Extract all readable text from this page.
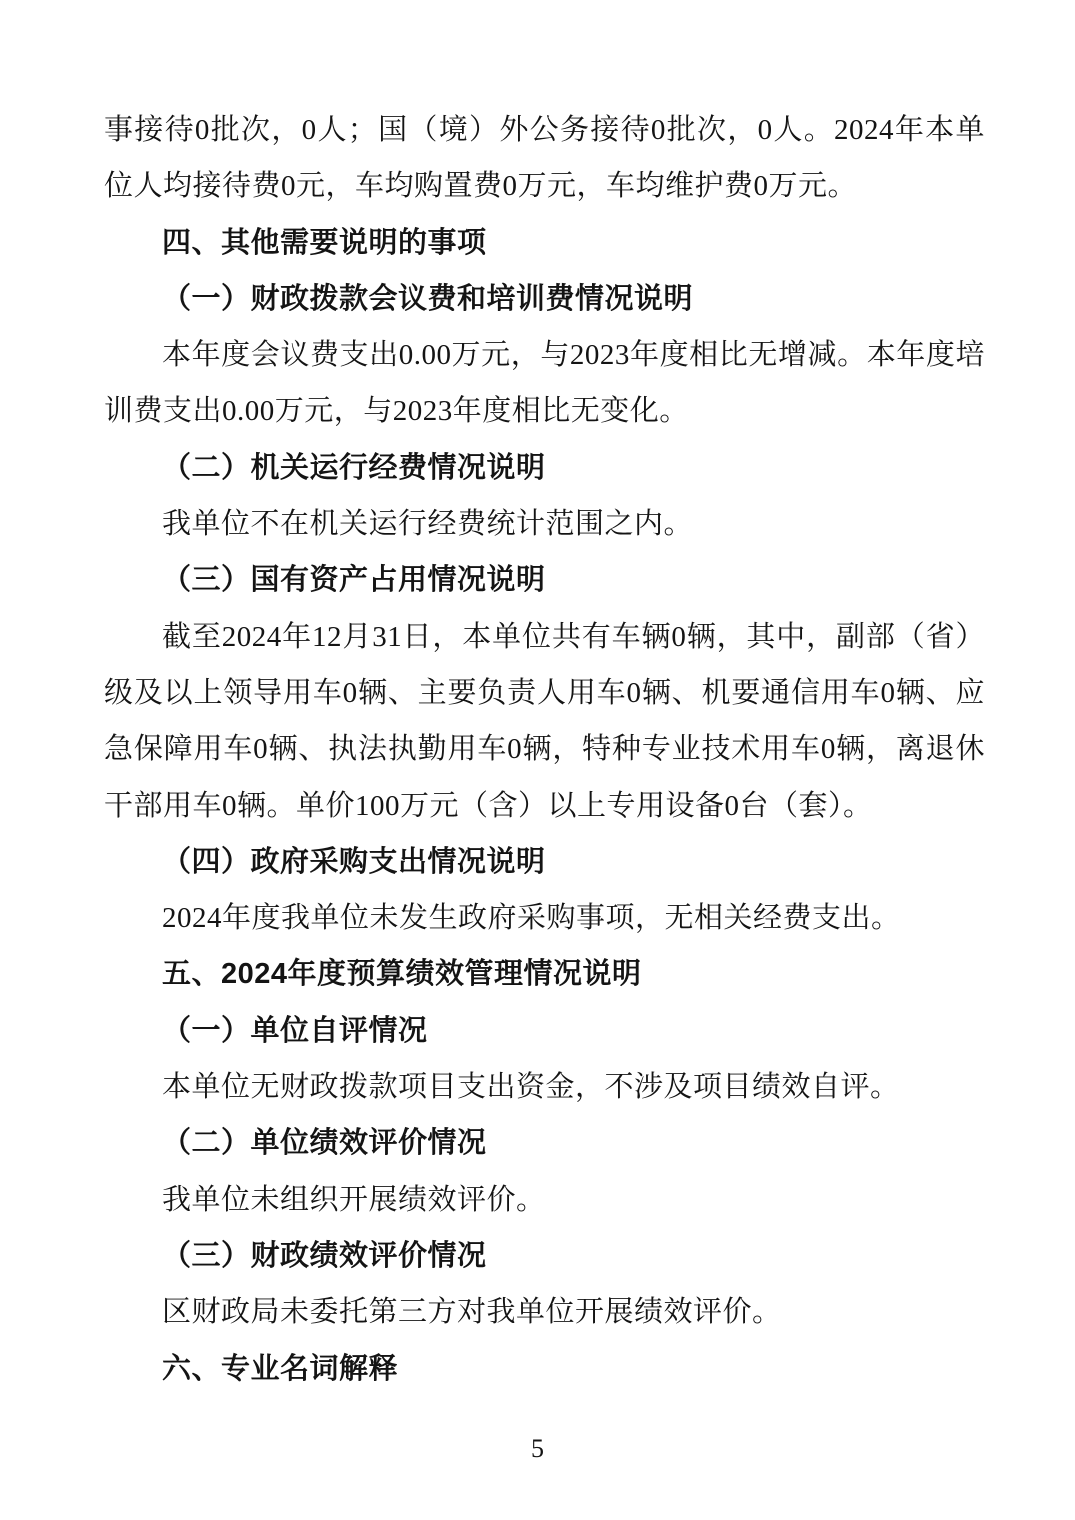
事接待0批次，0人；国（境）外公务接待0批次，0人。2024年本单位人均接待费0元，车均购置费0万元，车均维护费0万元。

四、其他需要说明的事项

（一）财政拨款会议费和培训费情况说明

本年度会议费支出0.00万元，与2023年度相比无增减。本年度培训费支出0.00万元，与2023年度相比无变化。

（二）机关运行经费情况说明

我单位不在机关运行经费统计范围之内。

（三）国有资产占用情况说明

截至2024年12月31日，本单位共有车辆0辆，其中，副部（省）级及以上领导用车0辆、主要负责人用车0辆、机要通信用车0辆、应急保障用车0辆、执法执勤用车0辆，特种专业技术用车0辆，离退休干部用车0辆。单价100万元（含）以上专用设备0台（套）。

（四）政府采购支出情况说明

2024年度我单位未发生政府采购事项，无相关经费支出。

五、2024年度预算绩效管理情况说明

（一）单位自评情况

本单位无财政拨款项目支出资金，不涉及项目绩效自评。

（二）单位绩效评价情况

我单位未组织开展绩效评价。

（三）财政绩效评价情况

区财政局未委托第三方对我单位开展绩效评价。

六、专业名词解释

5
